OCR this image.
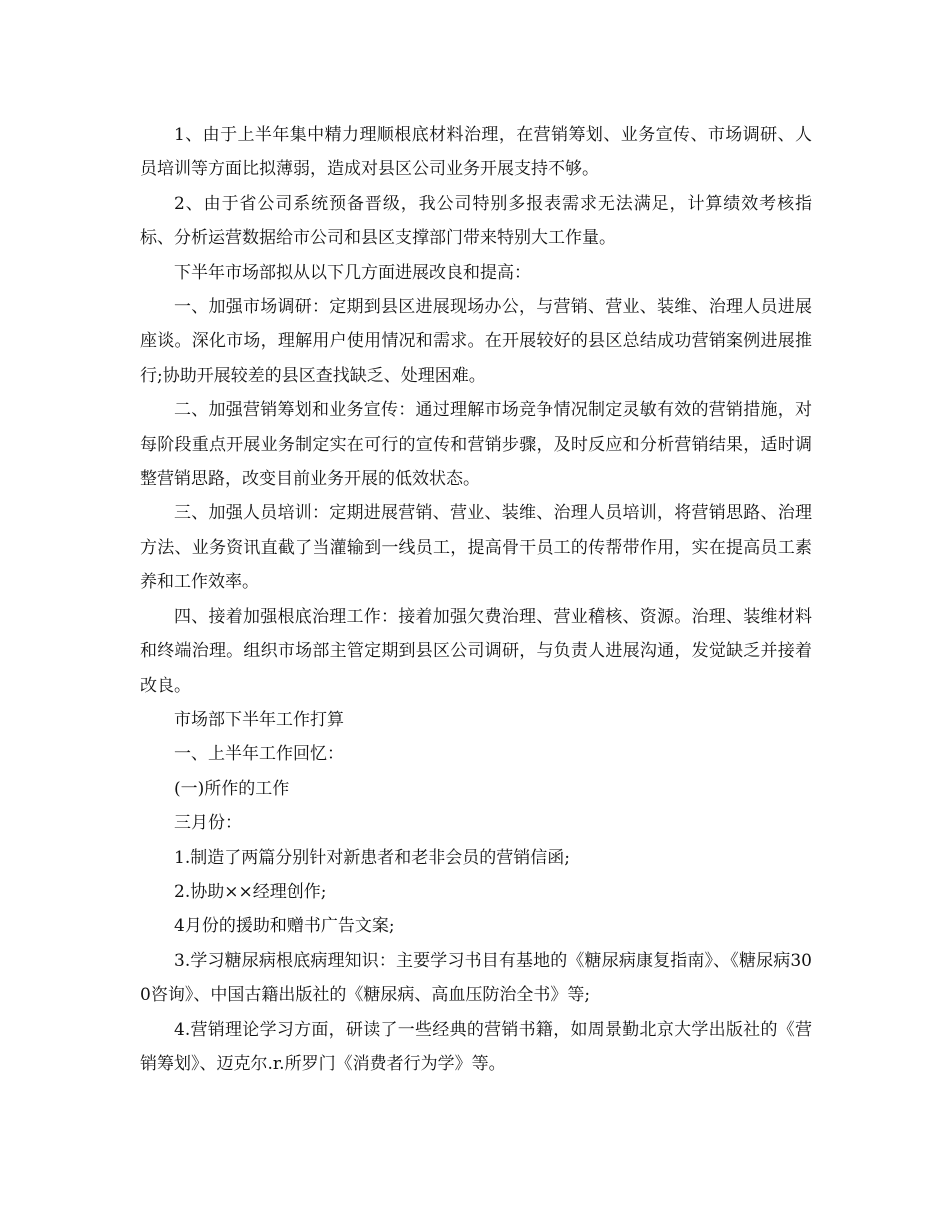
1、由于上半年集中精力理顺根底材料治理，在营销筹划、业务宣传、市场调研、人员培训等方面比拟薄弱，造成对县区公司业务开展支持不够。

2、由于省公司系统预备晋级，我公司特别多报表需求无法满足，计算绩效考核指标、分析运营数据给市公司和县区支撑部门带来特别大工作量。

下半年市场部拟从以下几方面进展改良和提高：

一、加强市场调研：定期到县区进展现场办公，与营销、营业、装维、治理人员进展座谈。深化市场，理解用户使用情况和需求。在开展较好的县区总结成功营销案例进展推行;协助开展较差的县区查找缺乏、处理困难。

二、加强营销筹划和业务宣传：通过理解市场竞争情况制定灵敏有效的营销措施，对每阶段重点开展业务制定实在可行的宣传和营销步骤，及时反应和分析营销结果，适时调整营销思路，改变目前业务开展的低效状态。

三、加强人员培训：定期进展营销、营业、装维、治理人员培训，将营销思路、治理方法、业务资讯直截了当灌输到一线员工，提高骨干员工的传帮带作用，实在提高员工素养和工作效率。

四、接着加强根底治理工作：接着加强欠费治理、营业稽核、资源。治理、装维材料和终端治理。组织市场部主管定期到县区公司调研，与负责人进展沟通，发觉缺乏并接着改良。

市场部下半年工作打算

一、上半年工作回忆：

(一)所作的工作

三月份：

1.制造了两篇分别针对新患者和老非会员的营销信函;

2.协助××经理创作;

4月份的援助和赠书广告文案;

3.学习糖尿病根底病理知识：主要学习书目有基地的《糖尿病康复指南》、《糖尿病300咨询》、中国古籍出版社的《糖尿病、高血压防治全书》等;

4.营销理论学习方面，研读了一些经典的营销书籍，如周景勤北京大学出版社的《营销筹划》、迈克尔.r.所罗门《消费者行为学》等。
